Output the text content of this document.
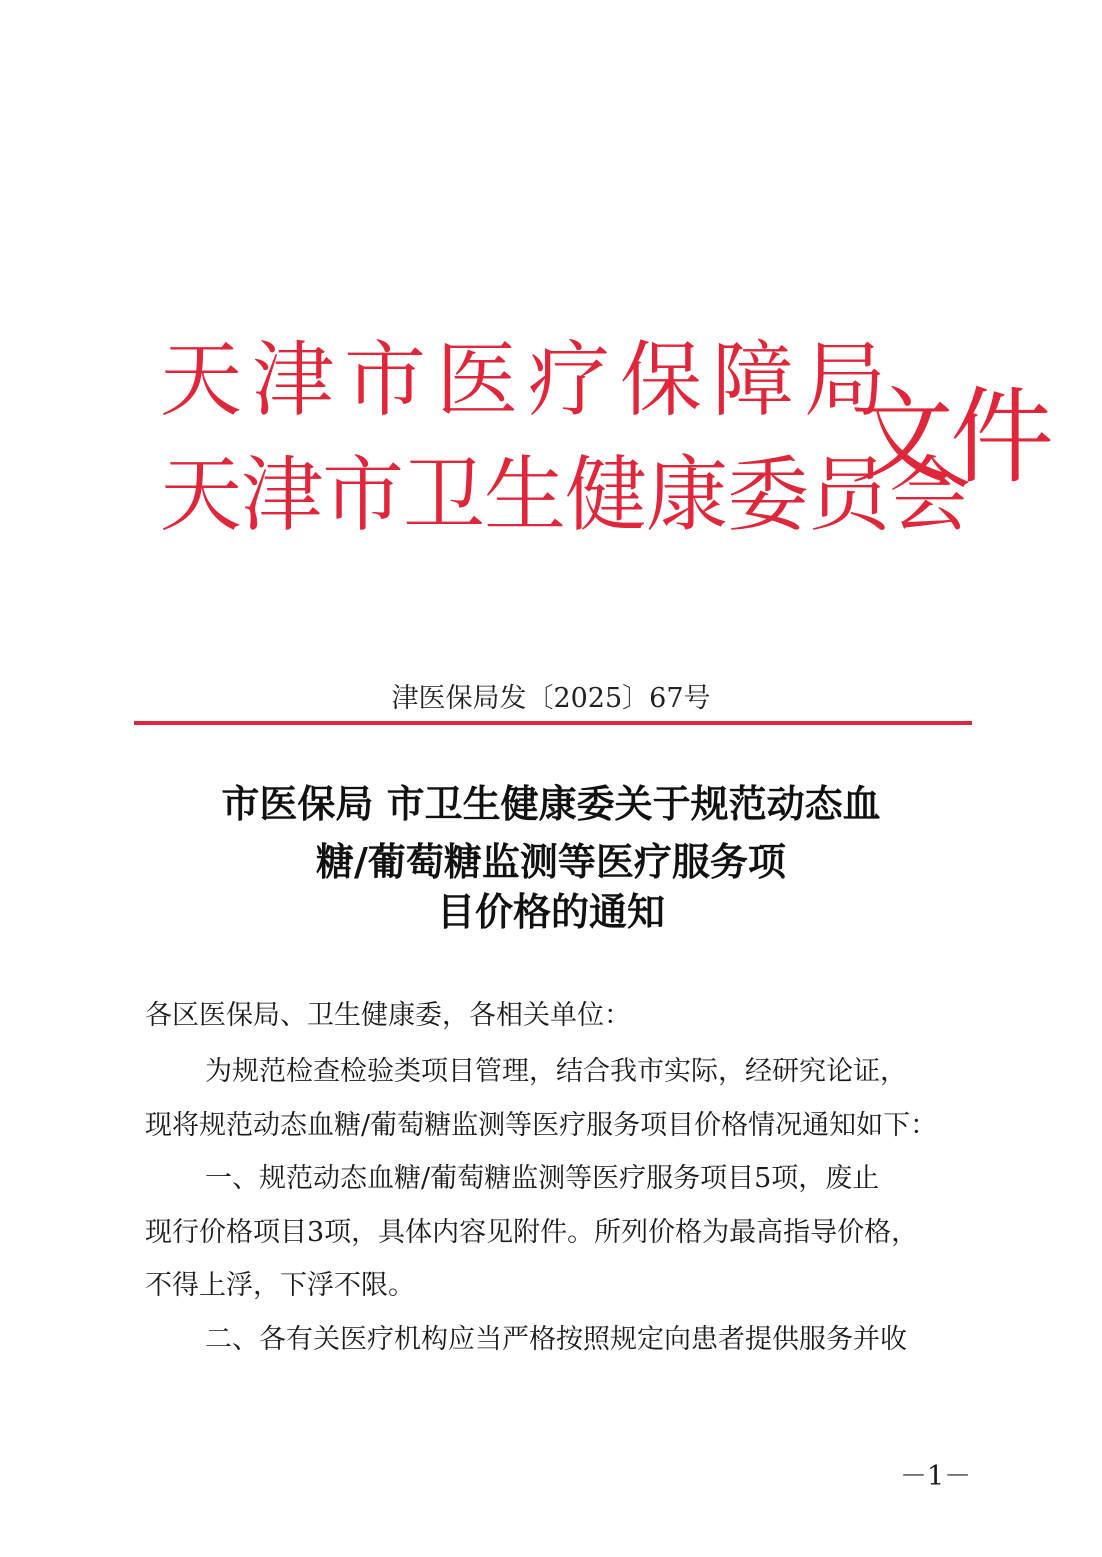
天津市医疗保障局
天津市卫生健康委员会
文件
津医保局发〔2025〕67号
市医保局 市卫生健康委关于规范动态血
糖/葡萄糖监测等医疗服务项
目价格的通知
各区医保局、卫生健康委，各相关单位：
为规范检查检验类项目管理，结合我市实际，经研究论证，
现将规范动态血糖/葡萄糖监测等医疗服务项目价格情况通知如下：
一、规范动态血糖/葡萄糖监测等医疗服务项目5项，废止
现行价格项目3项，具体内容见附件。所列价格为最高指导价格，
不得上浮，下浮不限。
二、各有关医疗机构应当严格按照规定向患者提供服务并收
－1－
